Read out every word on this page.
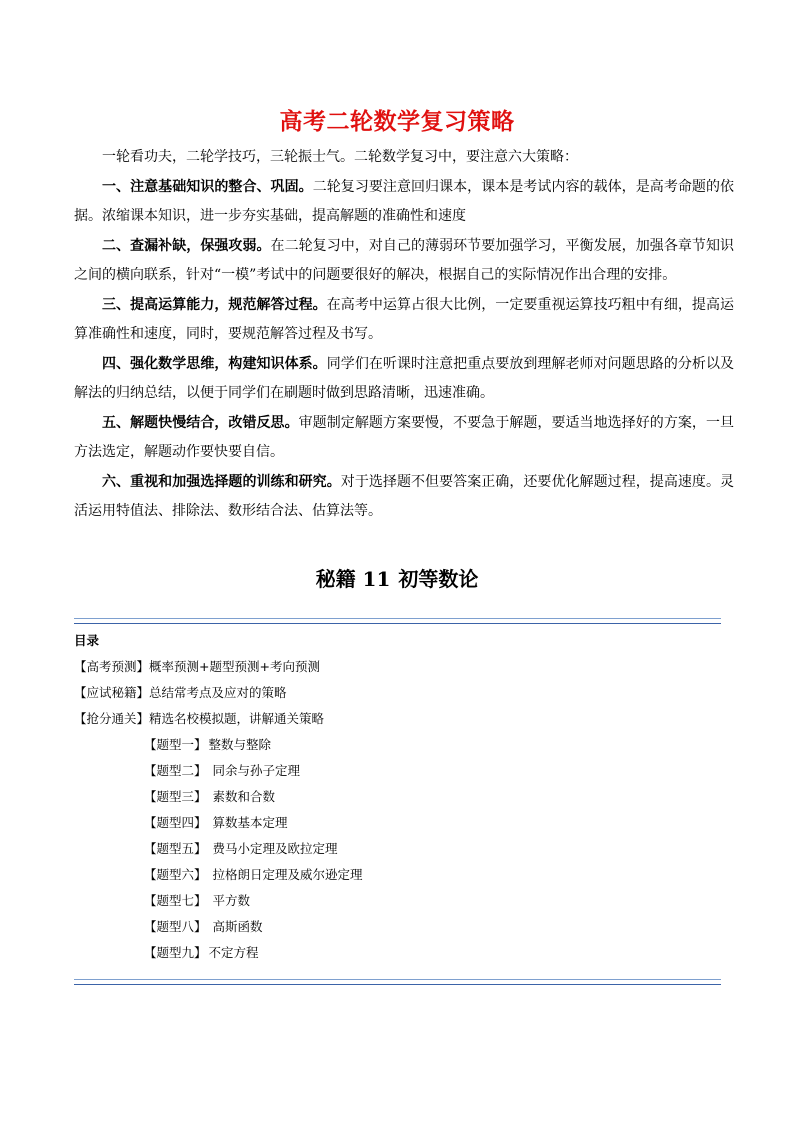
高考二轮数学复习策略

一轮看功夫，二轮学技巧，三轮振士气。二轮数学复习中，要注意六大策略：

一、注意基础知识的整合、巩固。二轮复习要注意回归课本，课本是考试内容的载体，是高考命题的依据。浓缩课本知识，进一步夯实基础，提高解题的准确性和速度

二、查漏补缺，保强攻弱。在二轮复习中，对自己的薄弱环节要加强学习，平衡发展，加强各章节知识之间的横向联系，针对“一模”考试中的问题要很好的解决，根据自己的实际情况作出合理的安排。

三、提高运算能力，规范解答过程。在高考中运算占很大比例，一定要重视运算技巧粗中有细，提高运算准确性和速度，同时，要规范解答过程及书写。

四、强化数学思维，构建知识体系。同学们在听课时注意把重点要放到理解老师对问题思路的分析以及解法的归纳总结，以便于同学们在刷题时做到思路清晰，迅速准确。

五、解题快慢结合，改错反思。审题制定解题方案要慢，不要急于解题，要适当地选择好的方案，一旦方法选定，解题动作要快要自信。

六、重视和加强选择题的训练和研究。对于选择题不但要答案正确，还要优化解题过程，提高速度。灵活运用特值法、排除法、数形结合法、估算法等。

秘籍 11 初等数论
目录
【高考预测】概率预测+题型预测+考向预测
【应试秘籍】总结常考点及应对的策略
【抢分通关】精选名校模拟题，讲解通关策略
【题型一】 整数与整除
【题型二】 同余与孙子定理
【题型三】 素数和合数
【题型四】 算数基本定理
【题型五】 费马小定理及欧拉定理
【题型六】 拉格朗日定理及威尔逊定理
【题型七】 平方数
【题型八】 高斯函数
【题型九】 不定方程
